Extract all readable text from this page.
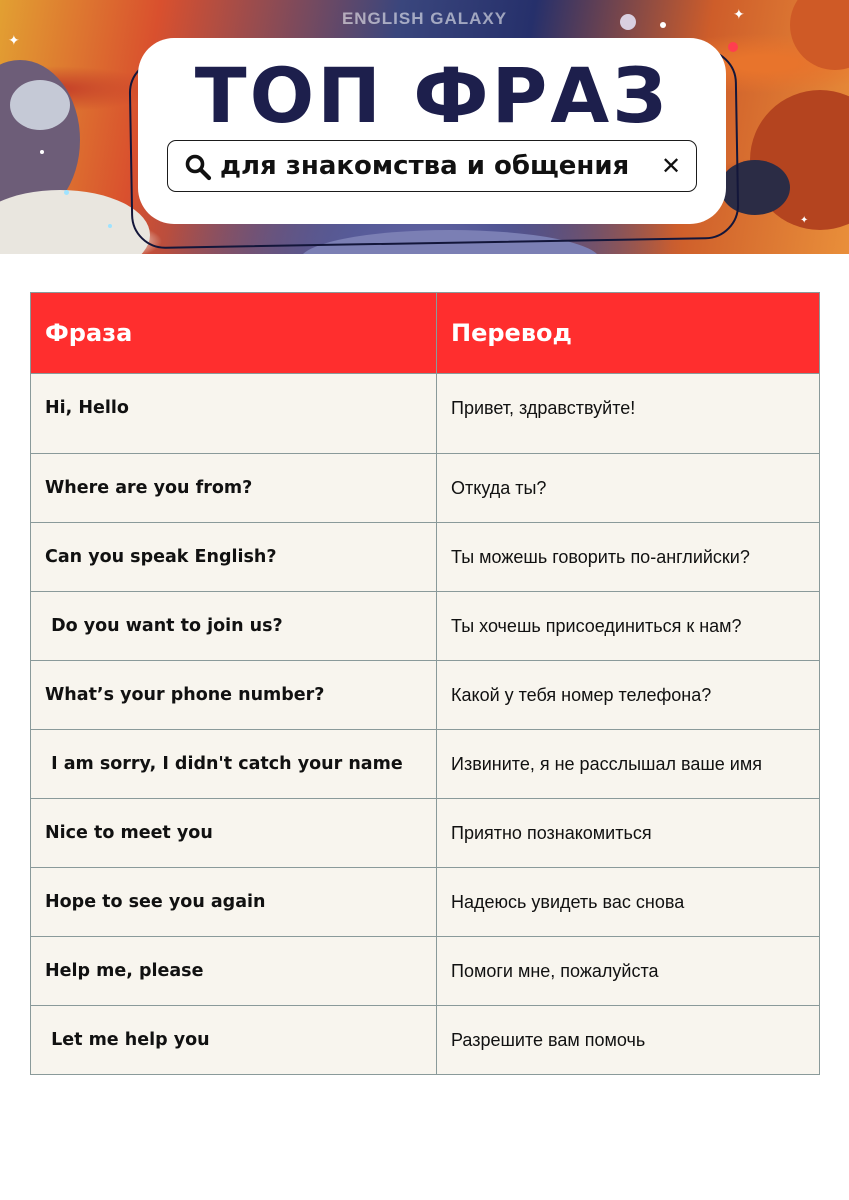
✦
✦
✦
ENGLISH GALAXY
ТОП ФРАЗ
для знакомства и общения ✕
Фраза	Перевод
Hi, Hello	Привет, здравствуйте!
Where are you from?	Откуда ты?
Can you speak English?	Ты можешь говорить по-английски?
Do you want to join us?	Ты хочешь присоединиться к нам?
What’s your phone number?	Какой у тебя номер телефона?
I am sorry, I didn't catch your name	Извините, я не расслышал ваше имя
Nice to meet you	Приятно познакомиться
Hope to see you again	Надеюсь увидеть вас снова
Help me, please	Помоги мне, пожалуйста
Let me help you	Разрешите вам помочь
